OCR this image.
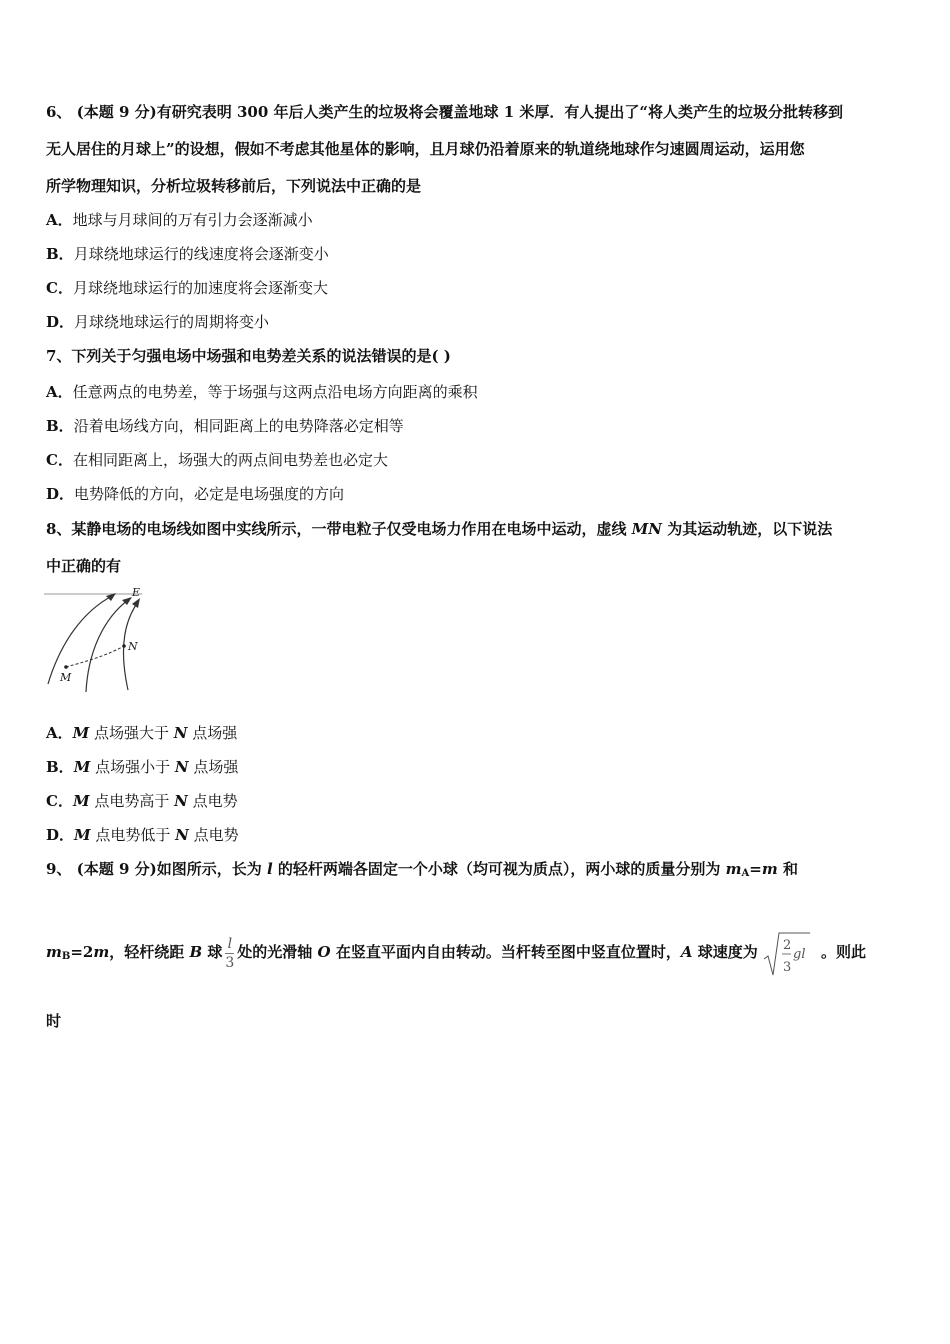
6、 (本题 9 分)有研究表明 300 年后人类产生的垃圾将会覆盖地球 1 米厚．有人提出了“将人类产生的垃圾分批转移到
无人居住的月球上”的设想，假如不考虑其他星体的影响，且月球仍沿着原来的轨道绕地球作匀速圆周运动，运用您
所学物理知识，分析垃圾转移前后，下列说法中正确的是
A．地球与月球间的万有引力会逐渐减小
B．月球绕地球运行的线速度将会逐渐变小
C．月球绕地球运行的加速度将会逐渐变大
D．月球绕地球运行的周期将变小
7、下列关于匀强电场中场强和电势差关系的说法错误的是( )
A．任意两点的电势差，等于场强与这两点沿电场方向距离的乘积
B．沿着电场线方向，相同距离上的电势降落必定相等
C．在相同距离上，场强大的两点间电势差也必定大
D．电势降低的方向，必定是电场强度的方向
8、某静电场的电场线如图中实线所示，一带电粒子仅受电场力作用在电场中运动，虚线 MN 为其运动轨迹，以下说法
中正确的有
E
N
M
A．M 点场强大于 N 点场强
B．M 点场强小于 N 点场强
C．M 点电势高于 N 点电势
D．M 点电势低于 N 点电势
9、 (本题 9 分)如图所示，长为 l 的轻杆两端各固定一个小球（均可视为质点），两小球的质量分别为 $m_A=m$ 和
$m_B=2m$，轻杆绕距 B 球 $\frac{l}{3}$ 处的光滑轴 O 在竖直平面内自由转动。当杆转至图中竖直位置时，A 球速度为 2
3
gl 。则此
时
